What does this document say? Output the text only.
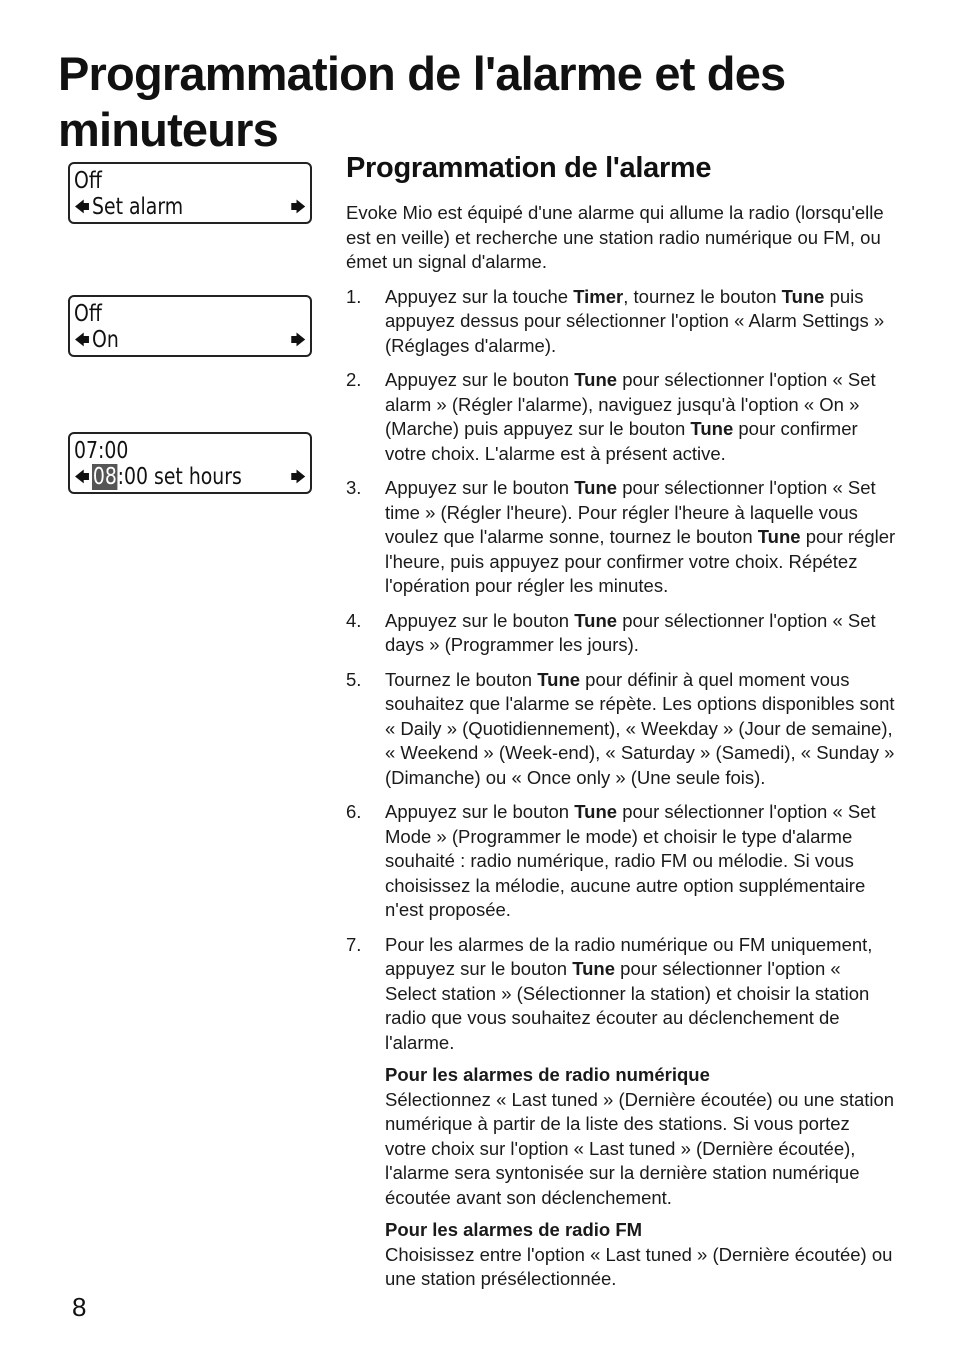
Programmation de l'alarme et des minuteurs
Off
🡄 Set alarm	🡆
Off
🡄 On	🡆
07:00
🡄 08:00 set hours	🡆
Programmation de l'alarme

Evoke Mio est équipé d'une alarme qui allume la radio (lorsqu'elle est en veille) et recherche une station radio numérique ou FM, ou émet un signal d'alarme.

1. Appuyez sur la touche Timer, tournez le bouton Tune puis appuyez dessus pour sélectionner l'option « Alarm Settings » (Réglages d'alarme).
2. Appuyez sur le bouton Tune pour sélectionner l'option « Set alarm » (Régler l'alarme), naviguez jusqu'à l'option « On » (Marche) puis appuyez sur le bouton Tune pour confirmer votre choix. L'alarme est à présent active.
3. Appuyez sur le bouton Tune pour sélectionner l'option « Set time » (Régler l'heure). Pour régler l'heure à laquelle vous voulez que l'alarme sonne, tournez le bouton Tune pour régler l'heure, puis appuyez pour confirmer votre choix. Répétez l'opération pour régler les minutes.
4. Appuyez sur le bouton Tune pour sélectionner l'option « Set days » (Programmer les jours).
5. Tournez le bouton Tune pour définir à quel moment vous souhaitez que l'alarme se répète. Les options disponibles sont « Daily » (Quotidiennement), « Weekday » (Jour de semaine), « Weekend » (Week-end), « Saturday » (Samedi), « Sunday » (Dimanche) ou « Once only » (Une seule fois).
6. Appuyez sur le bouton Tune pour sélectionner l'option « Set Mode » (Programmer le mode) et choisir le type d'alarme souhaité : radio numérique, radio FM ou mélodie. Si vous choisissez la mélodie, aucune autre option supplémentaire n'est proposée.
7. Pour les alarmes de la radio numérique ou FM uniquement, appuyez sur le bouton Tune pour sélectionner l'option « Select station » (Sélectionner la station) et choisir la station radio que vous souhaitez écouter au déclenchement de l'alarme.
Pour les alarmes de radio numérique
Sélectionnez « Last tuned » (Dernière écoutée) ou une station numérique à partir de la liste des stations. Si vous portez votre choix sur l'option « Last tuned » (Dernière écoutée), l'alarme sera syntonisée sur la dernière station numérique écoutée avant son déclenchement.
Pour les alarmes de radio FM
Choisissez entre l'option « Last tuned » (Dernière écoutée) ou une station présélectionnée.
8
